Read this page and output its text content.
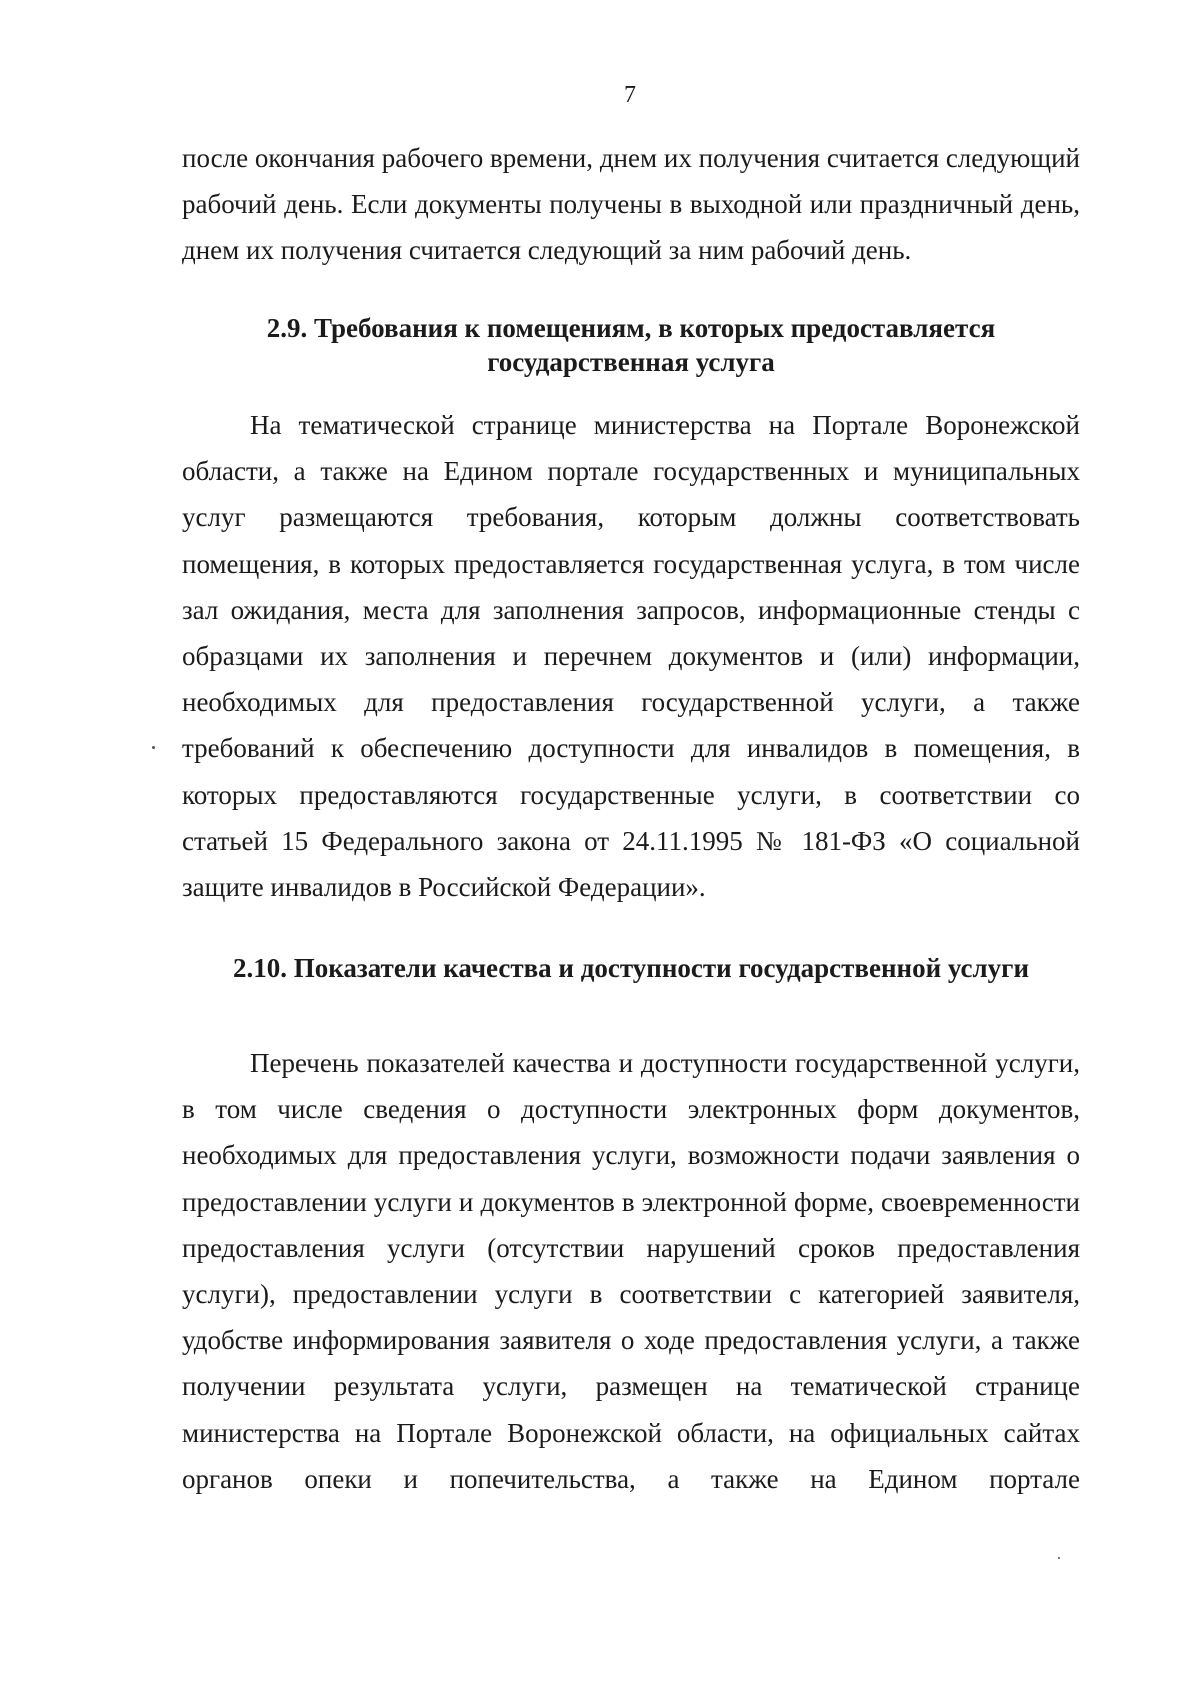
7
после окончания рабочего времени, днем их получения считается следующий
рабочий день. Если документы получены в выходной или праздничный день,
днем их получения считается следующий за ним рабочий день.
2.9. Требования к помещениям, в которых предоставляется
государственная услуга
На тематической странице министерства на Портале Воронежской
области, а также на Едином портале государственных и муниципальных
услуг размещаются требования, которым должны соответствовать
помещения, в которых предоставляется государственная услуга, в том числе
зал ожидания, места для заполнения запросов, информационные стенды с
образцами их заполнения и перечнем документов и (или) информации,
необходимых для предоставления государственной услуги, а также
требований к обеспечению доступности для инвалидов в помещения, в
которых предоставляются государственные услуги, в соответствии со
статьей 15 Федерального закона от 24.11.1995 № 181-ФЗ «О социальной
защите инвалидов в Российской Федерации».
2.10. Показатели качества и доступности государственной услуги
Перечень показателей качества и доступности государственной услуги,
в том числе сведения о доступности электронных форм документов,
необходимых для предоставления услуги, возможности подачи заявления о
предоставлении услуги и документов в электронной форме, своевременности
предоставления услуги (отсутствии нарушений сроков предоставления
услуги), предоставлении услуги в соответствии с категорией заявителя,
удобстве информирования заявителя о ходе предоставления услуги, а также
получении результата услуги, размещен на тематической странице
министерства на Портале Воронежской области, на официальных сайтах
органов опеки и попечительства, а также на Едином портале
